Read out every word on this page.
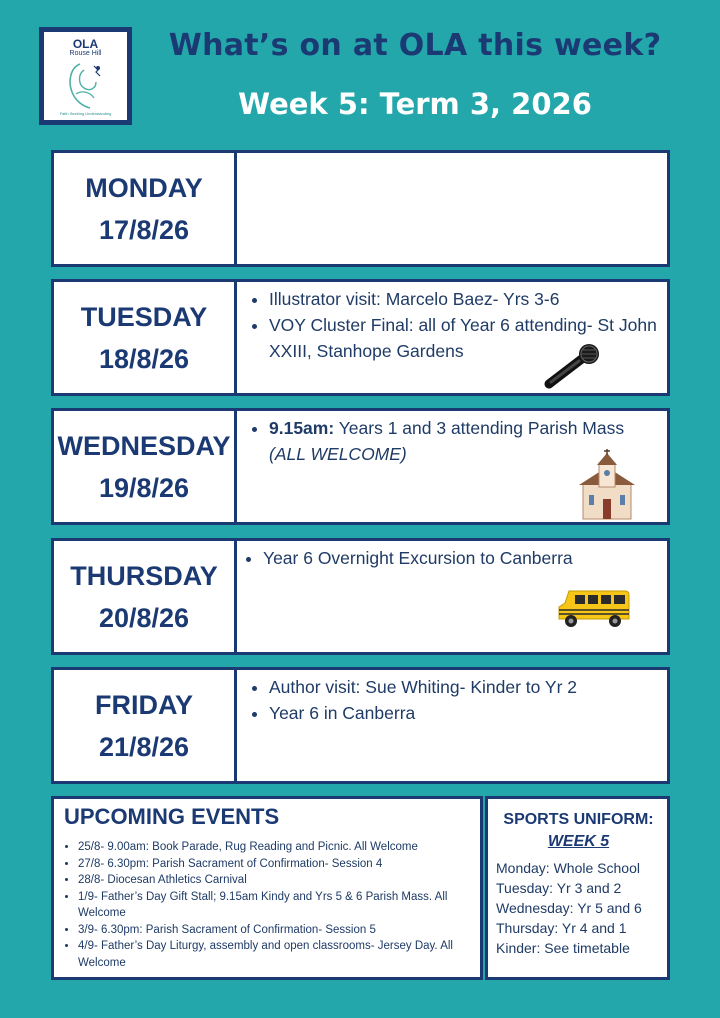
OLA
Rouse Hill
Faith Seeking Understanding
What’s on at OLA this week?
Week 5: Term 3, 2026
MONDAY
17/8/26
TUESDAY
18/8/26
• Illustrator visit: Marcelo Baez- Yrs 3-6
• VOY Cluster Final: all of Year 6 attending- St John XXIII, Stanhope Gardens
WEDNESDAY
19/8/26
• 9.15am: Years 1 and 3 attending Parish Mass
(ALL WELCOME)
THURSDAY
20/8/26
• Year 6 Overnight Excursion to Canberra
FRIDAY
21/8/26
• Author visit: Sue Whiting- Kinder to Yr 2
• Year 6 in Canberra
UPCOMING EVENTS
• 25/8- 9.00am: Book Parade, Rug Reading and Picnic. All Welcome
• 27/8- 6.30pm: Parish Sacrament of Confirmation- Session 4
• 28/8- Diocesan Athletics Carnival
• 1/9- Father’s Day Gift Stall; 9.15am Kindy and Yrs 5 & 6 Parish Mass. All Welcome
• 3/9- 6.30pm: Parish Sacrament of Confirmation- Session 5
• 4/9- Father’s Day Liturgy, assembly and open classrooms- Jersey Day. All Welcome
SPORTS UNIFORM:
WEEK 5
Monday: Whole School
Tuesday: Yr 3 and 2
Wednesday: Yr 5 and 6
Thursday: Yr 4 and 1
Kinder: See timetable
